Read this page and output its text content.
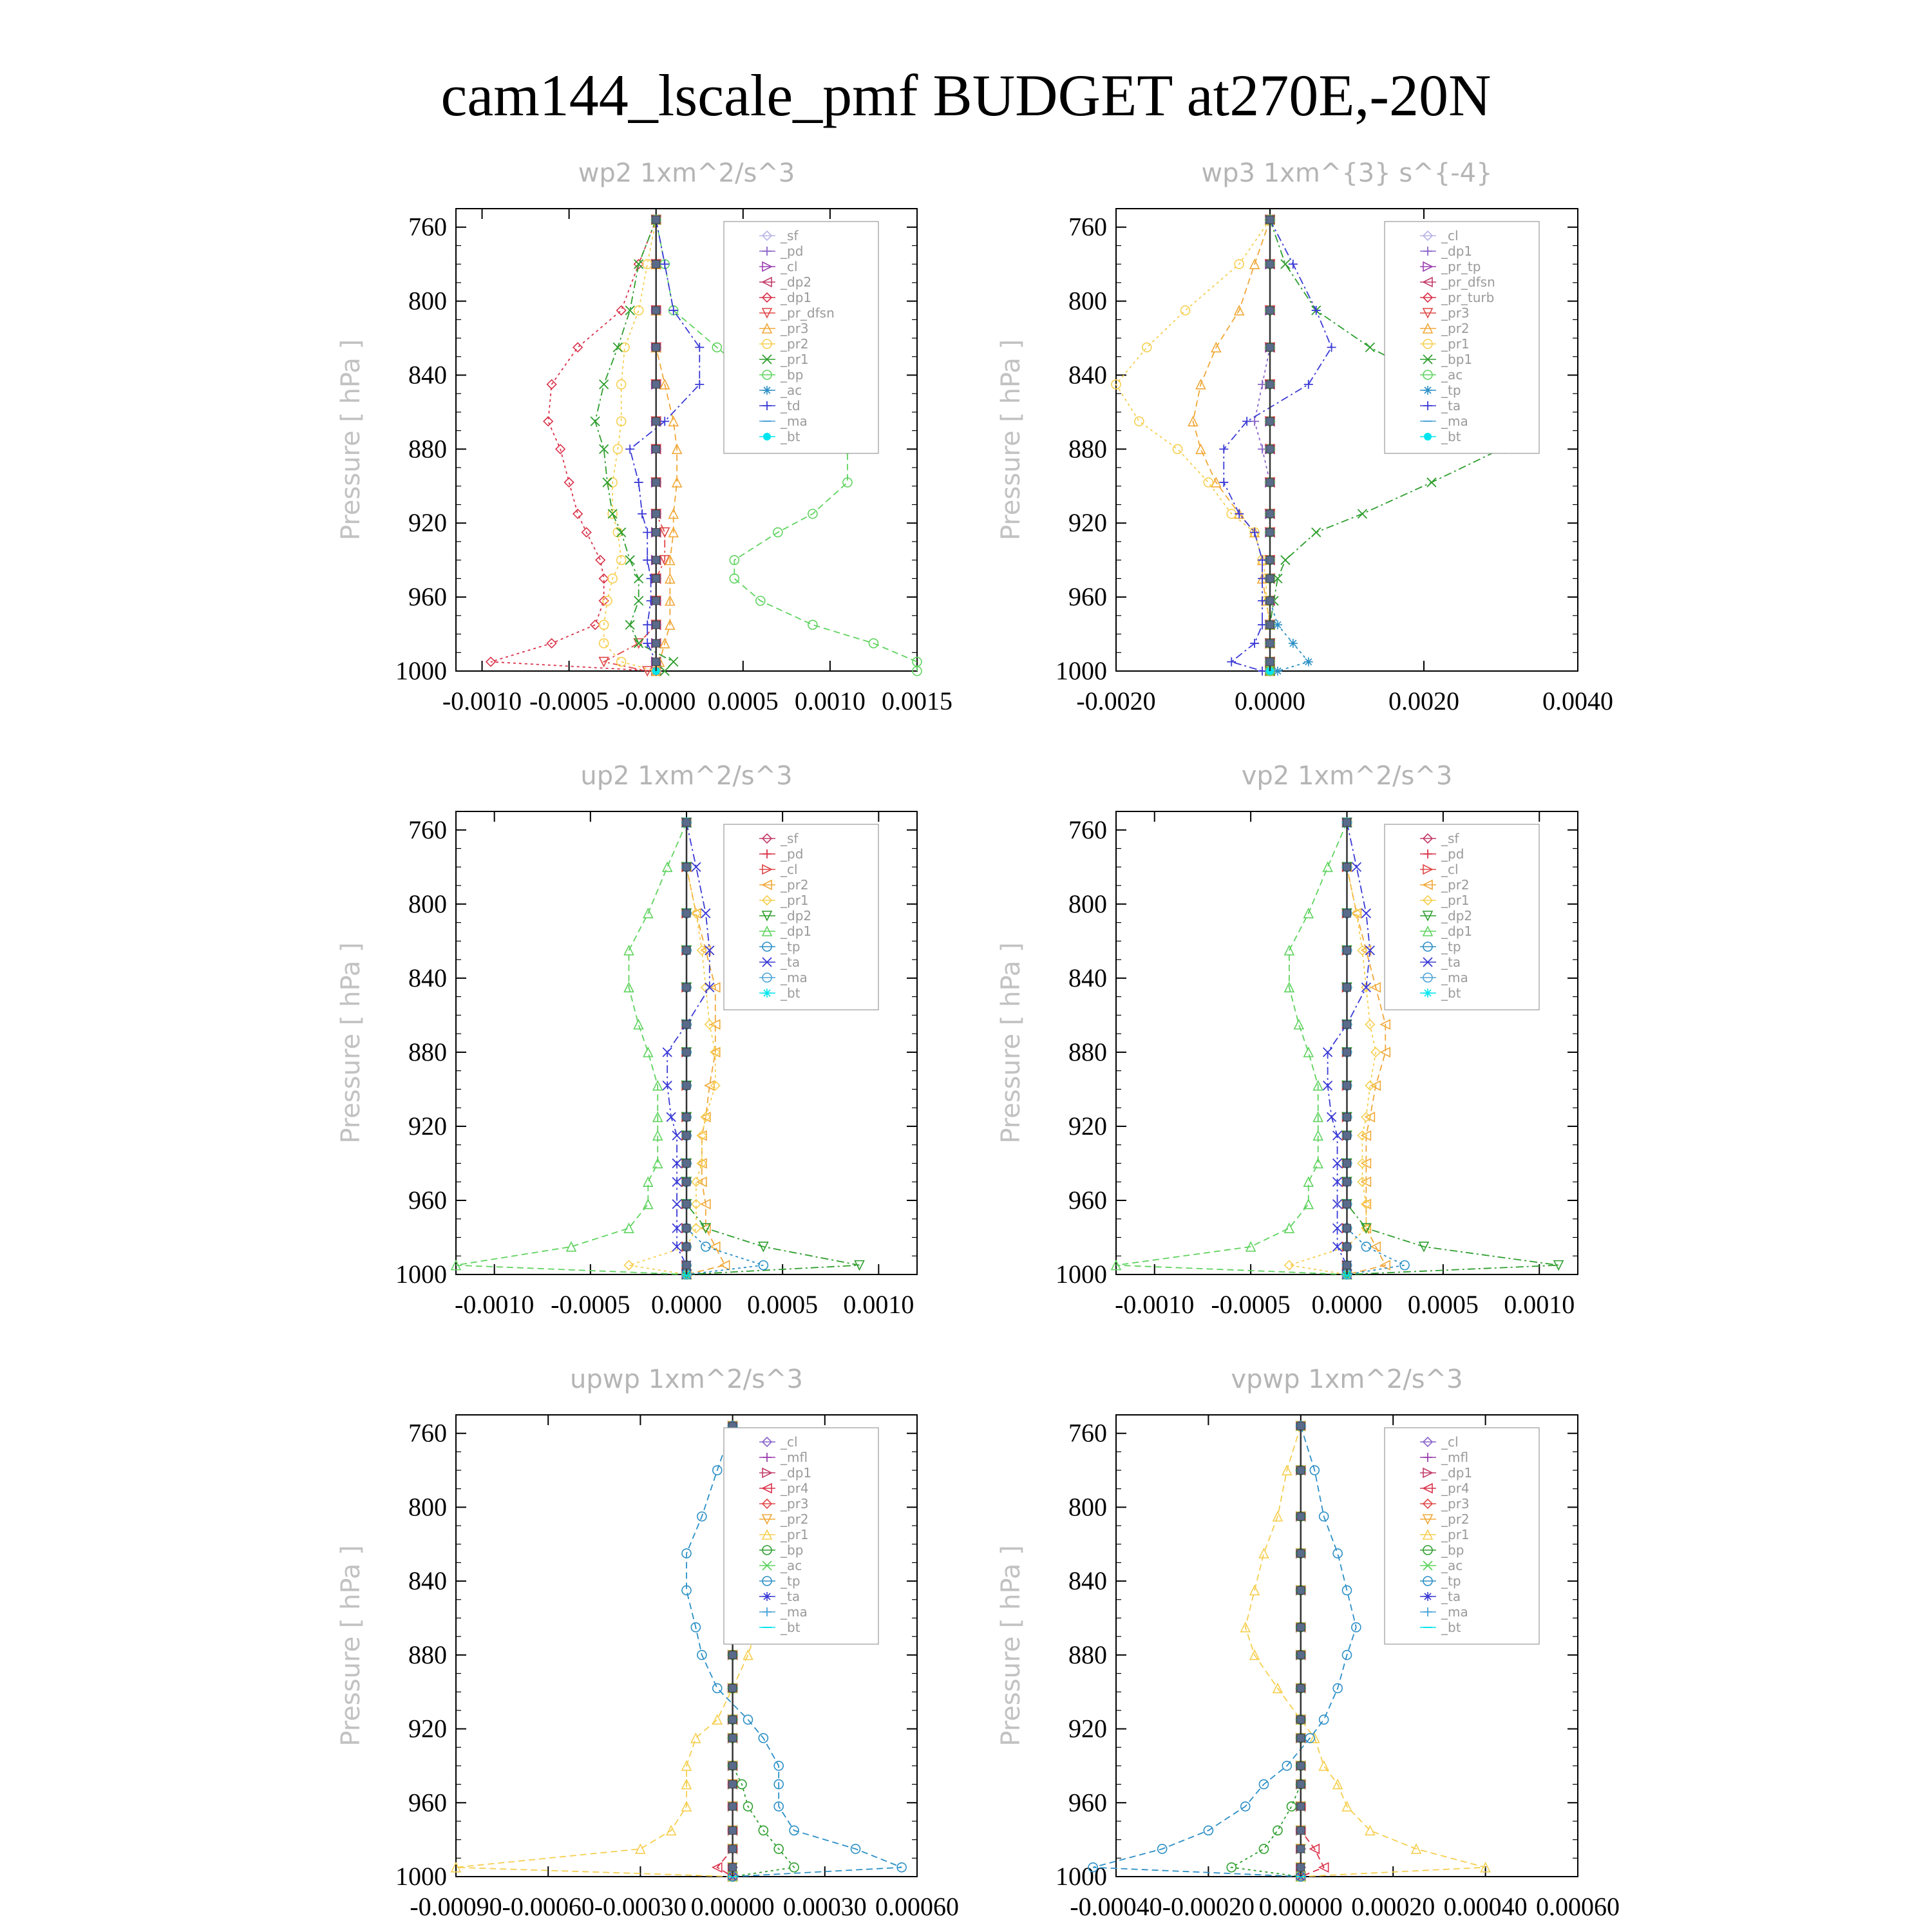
cam144_lscale_pmf BUDGET at270E,-20N
wp2 1xm^2/s^3
Pressure [ hPa ]
760
800
840
880
920
960
1000
-0.0010 -0.0005 -0.0000 0.0005 0.0010 0.0015
_sf
_pd
_cl
_dp2
_dp1
_pr_dfsn
_pr3
_pr2
_pr1
_bp
_ac
_td
_ma
_bt
wp3 1xm^{3} s^{-4}
Pressure [ hPa ]
760
800
840
880
920
960
1000
-0.0020	0.0000	0.0020	0.0040
_cl
_dp1
_pr_tp
_pr_dfsn
_pr_turb
_pr3
_pr2
_pr1
_bp1
_ac
_tp
_ta
_ma
_bt
up2 1xm^2/s^3
Pressure [ hPa ]
760
800
840
880
920
960
1000
-0.0010 -0.0005 0.0000 0.0005 0.0010
_sf
_pd
_cl
_pr2
_pr1
_dp2
_dp1
_tp
_ta
_ma
_bt
vp2 1xm^2/s^3
Pressure [ hPa ]
760
800
840
880
920
960
1000
-0.0010 -0.0005 0.0000 0.0005 0.0010
_sf
_pd
_cl
_pr2
_pr1
_dp2
_dp1
_tp
_ta
_ma
_bt
upwp 1xm^2/s^3
Pressure [ hPa ]
760
800
840
880
920
960
1000
-0.00090 -0.00060 -0.00030 0.00000 0.00030 0.00060
_cl
_mfl
_dp1
_pr4
_pr3
_pr2
_pr1
_bp
_ac
_tp
_ta
_ma
_bt
vpwp 1xm^2/s^3
Pressure [ hPa ]
760
800
840
880
920
960
1000
-0.00040 -0.00020 0.00000 0.00020 0.00040 0.00060
_cl
_mfl
_dp1
_pr4
_pr3
_pr2
_pr1
_bp
_ac
_tp
_ta
_ma
_bt
